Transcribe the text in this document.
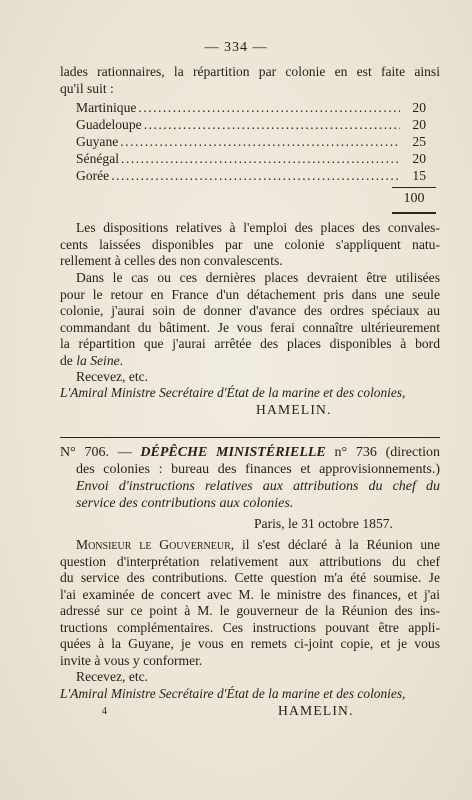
— 334 —
lades rationnaires, la répartition par colonie en est faite ainsi
qu'il suit :
Martinique .....	20
Guadeloupe .....	20
Guyane .....	25
Sénégal .....	20
Gorée .....	15
100
Les dispositions relatives à l'emploi des places des convales-
cents laissées disponibles par une colonie s'appliquent natu-
rellement à celles des non convalescents.
Dans le cas ou ces dernières places devraient être utilisées
pour le retour en France d'un détachement pris dans une seule
colonie, j'aurai soin de donner d'avance des ordres spéciaux au
commandant du bâtiment. Je vous ferai connaître ultérieurement
la répartition que j'aurai arrêtée des places disponibles à bord
de la Seine.
Recevez, etc.
L'Amiral Ministre Secrétaire d'État de la marine et des colonies,
HAMELIN.
N° 706. — DÉPÊCHE MINISTÉRIELLE n° 736 (direction
des colonies : bureau des finances et approvisionnements.)
Envoi d'instructions relatives aux attributions du chef du
service des contributions aux colonies.
Paris, le 31 octobre 1857.
Monsieur le Gouverneur, il s'est déclaré à la Réunion une
question d'interprétation relativement aux attributions du chef
du service des contributions. Cette question m'a été soumise. Je
l'ai examinée de concert avec M. le ministre des finances, et j'ai
adressé sur ce point à M. le gouverneur de la Réunion des ins-
tructions complémentaires. Ces instructions pouvant être appli-
quées à la Guyane, je vous en remets ci-joint copie, et je vous
invite à vous y conformer.
Recevez, etc.
L'Amiral Ministre Secrétaire d'État de la marine et des colonies,
4	HAMELIN.
